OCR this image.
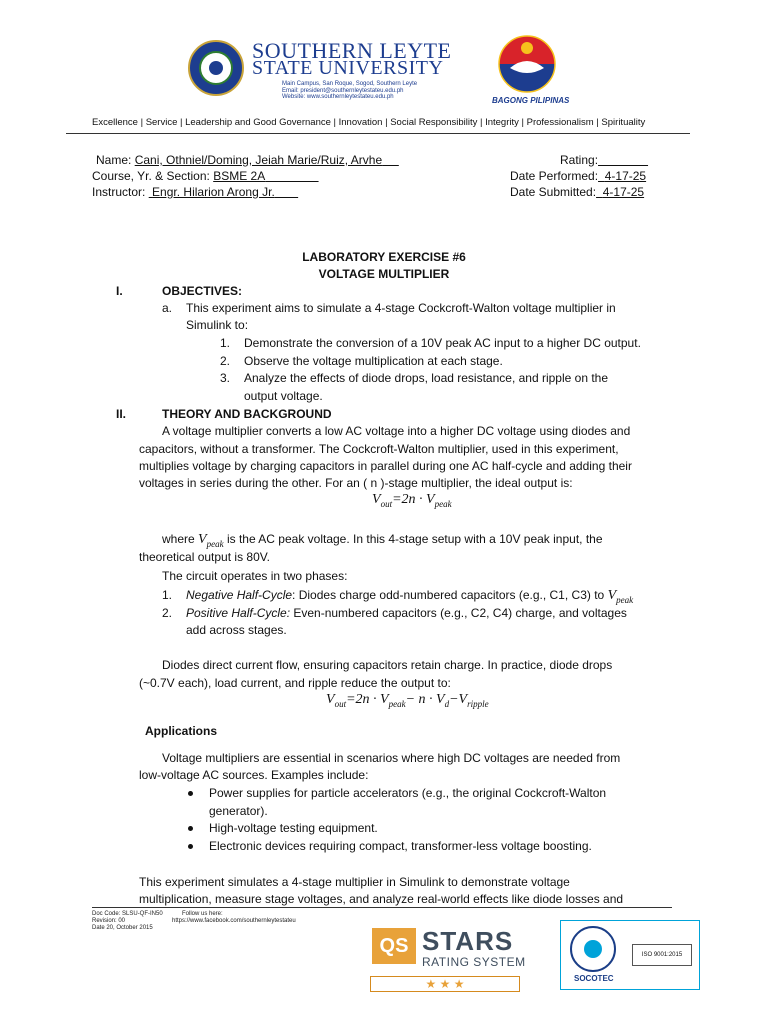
SOUTHERN LEYTE
STATE UNIVERSITY
Main Campus, San Roque, Sogod, Southern Leyte
Email: president@southernleytestateu.edu.ph
Website: www.southernleytestateu.edu.ph	BAGONG PILIPINAS
Excellence | Service | Leadership and Good Governance | Innovation | Social Responsibility | Integrity | Professionalism | Spirituality
Name: Cani, Othniel/Doming, Jeiah Marie/Ruiz, Arvhe
Course, Yr. & Section: BSME 2A
Instructor: Engr. Hilarion Arong Jr.
Rating:
Date Performed: 4-17-25
Date Submitted: 4-17-25
LABORATORY EXERCISE #6
VOLTAGE MULTIPLIER
I.	OBJECTIVES:
a. This experiment aims to simulate a 4-stage Cockcroft-Walton voltage multiplier in
Simulink to:
1. Demonstrate the conversion of a 10V peak AC input to a higher DC output.
2. Observe the voltage multiplication at each stage.
3. Analyze the effects of diode drops, load resistance, and ripple on the
output voltage.
II.	THEORY AND BACKGROUND
A voltage multiplier converts a low AC voltage into a higher DC voltage using diodes and
capacitors, without a transformer. The Cockcroft-Walton multiplier, used in this experiment,
multiplies voltage by charging capacitors in parallel during one AC half-cycle and adding their
voltages in series during the other. For an ( n )-stage multiplier, the ideal output is:
$V_{out}=2n \cdot V_{peak}$
where $V_{peak}$ is the AC peak voltage. In this 4-stage setup with a 10V peak input, the
theoretical output is 80V.
The circuit operates in two phases:
1. Negative Half-Cycle: Diodes charge odd-numbered capacitors (e.g., C1, C3) to $V_{peak}$
2. Positive Half-Cycle: Even-numbered capacitors (e.g., C2, C4) charge, and voltages
add across stages.
Diodes direct current flow, ensuring capacitors retain charge. In practice, diode drops
(~0.7V each), load current, and ripple reduce the output to:
$V_{out}=2n \cdot V_{peak}- n \cdot V_d-V_{ripple}$
Applications
Voltage multipliers are essential in scenarios where high DC voltages are needed from
low-voltage AC sources. Examples include:
Power supplies for particle accelerators (e.g., the original Cockcroft-Walton
generator).
High-voltage testing equipment.
Electronic devices requiring compact, transformer-less voltage boosting.
This experiment simulates a 4-stage multiplier in Simulink to demonstrate voltage
multiplication, measure stage voltages, and analyze real-world effects like diode losses and
Doc Code: SLSU-QF-IN50	Follow us here:
Revision: 00	https://www.facebook.com/southernleytestateu
Date 20, October 2015
QS STARS
RATING SYSTEM
★ ★ ★	SOCOTEC
ISO 9001:2015
